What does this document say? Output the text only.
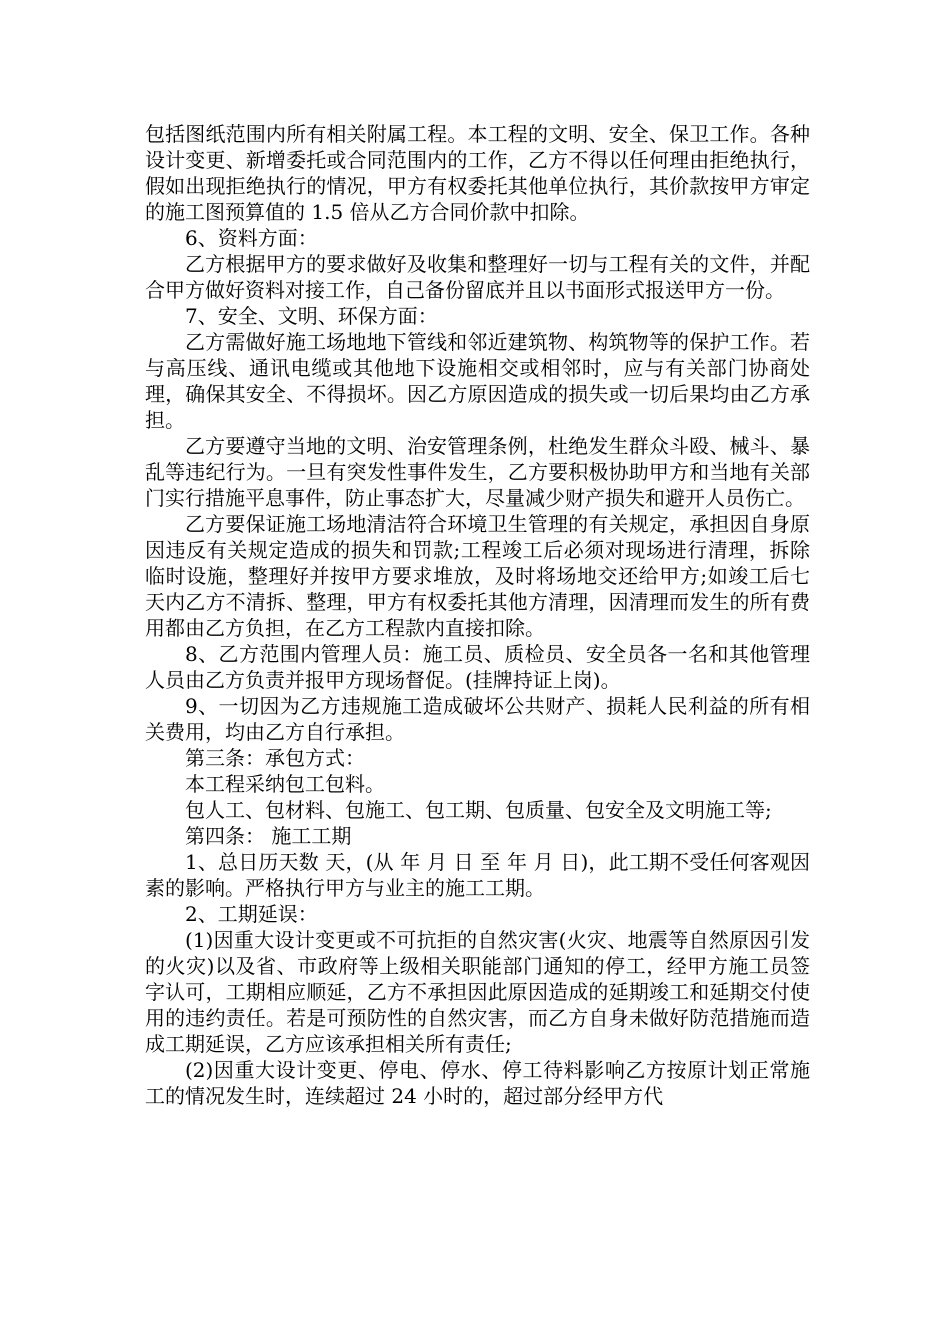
包括图纸范围内所有相关附属工程。本工程的文明、安全、保卫工作。各种设计变更、新增委托或合同范围内的工作，乙方不得以任何理由拒绝执行，假如出现拒绝执行的情况，甲方有权委托其他单位执行，其价款按甲方审定的施工图预算值的 1.5 倍从乙方合同价款中扣除。

6、资料方面：

乙方根据甲方的要求做好及收集和整理好一切与工程有关的文件，并配合甲方做好资料对接工作，自己备份留底并且以书面形式报送甲方一份。

7、安全、文明、环保方面：

乙方需做好施工场地地下管线和邻近建筑物、构筑物等的保护工作。若与高压线、通讯电缆或其他地下设施相交或相邻时，应与有关部门协商处理，确保其安全、不得损坏。因乙方原因造成的损失或一切后果均由乙方承担。

乙方要遵守当地的文明、治安管理条例，杜绝发生群众斗殴、械斗、暴乱等违纪行为。一旦有突发性事件发生，乙方要积极协助甲方和当地有关部门实行措施平息事件，防止事态扩大，尽量减少财产损失和避开人员伤亡。

乙方要保证施工场地清洁符合环境卫生管理的有关规定，承担因自身原因违反有关规定造成的损失和罚款;工程竣工后必须对现场进行清理，拆除临时设施，整理好并按甲方要求堆放，及时将场地交还给甲方;如竣工后七天内乙方不清拆、整理，甲方有权委托其他方清理，因清理而发生的所有费用都由乙方负担，在乙方工程款内直接扣除。

8、乙方范围内管理人员：施工员、质检员、安全员各一名和其他管理人员由乙方负责并报甲方现场督促。(挂牌持证上岗)。

9、一切因为乙方违规施工造成破坏公共财产、损耗人民利益的所有相关费用，均由乙方自行承担。

第三条：承包方式：

本工程采纳包工包料。

包人工、包材料、包施工、包工期、包质量、包安全及文明施工等;

第四条： 施工工期

1、总日历天数 天，(从 年 月 日 至 年 月 日)，此工期不受任何客观因素的影响。严格执行甲方与业主的施工工期。

2、工期延误：

(1)因重大设计变更或不可抗拒的自然灾害(火灾、地震等自然原因引发的火灾)以及省、市政府等上级相关职能部门通知的停工，经甲方施工员签字认可，工期相应顺延，乙方不承担因此原因造成的延期竣工和延期交付使用的违约责任。若是可预防性的自然灾害，而乙方自身未做好防范措施而造成工期延误，乙方应该承担相关所有责任;

(2)因重大设计变更、停电、停水、停工待料影响乙方按原计划正常施工的情况发生时，连续超过 24 小时的，超过部分经甲方代
